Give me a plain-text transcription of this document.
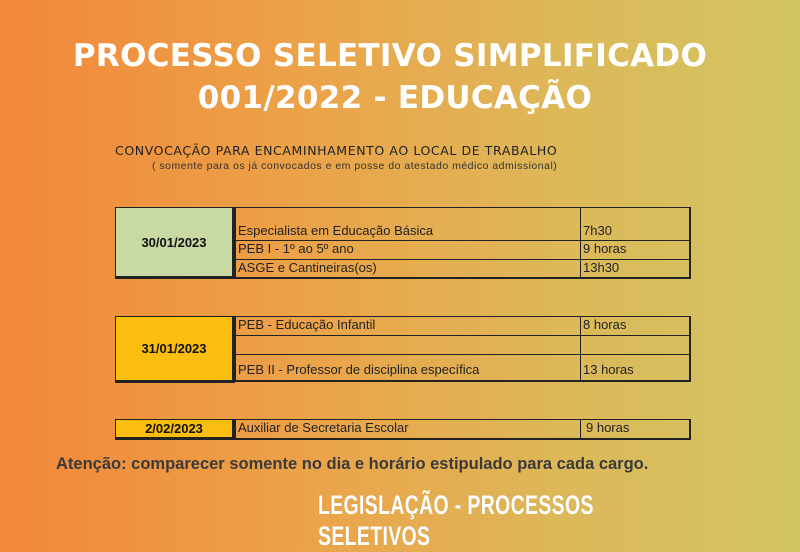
PROCESSO SELETIVO SIMPLIFICADO
001/2022 - EDUCAÇÃO
CONVOCAÇÃO PARA ENCAMINHAMENTO AO LOCAL DE TRABALHO
( somente para os já convocados e em posse do atestado médico admissional)
30/01/2023
Especialista em Educação Básica	7h30
PEB I - 1º ao 5º ano	9 horas
ASGE e Cantineiras(os)	13h30
31/01/2023
PEB - Educação Infantil	8 horas
PEB II - Professor de disciplina específica	13 horas
2/02/2023	Auxiliar de Secretaria Escolar	9 horas
Atenção: comparecer somente no dia e horário estipulado para cada cargo.
LEGISLAÇÃO - PROCESSOS SELETIVOS
